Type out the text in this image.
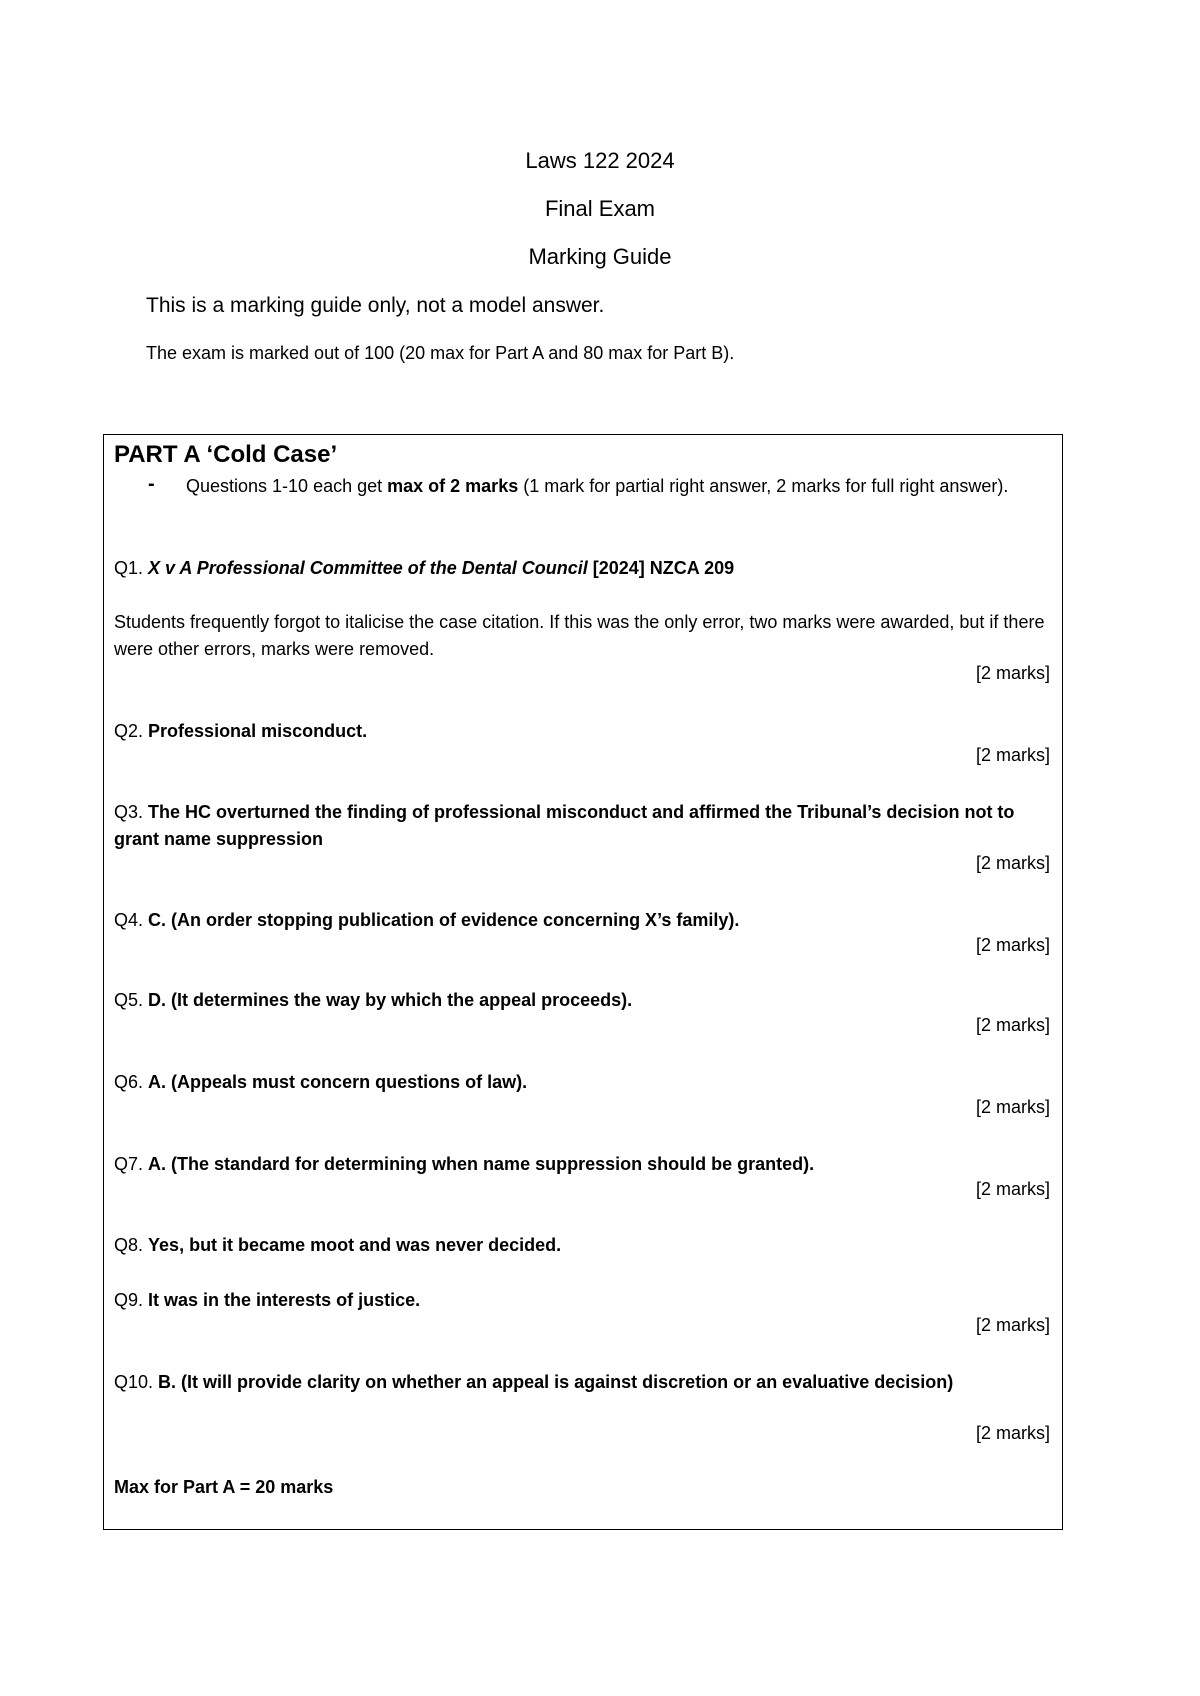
Laws 122 2024
Final Exam
Marking Guide
This is a marking guide only, not a model answer.
The exam is marked out of 100 (20 max for Part A and 80 max for Part B).
PART A ‘Cold Case’
- Questions 1-10 each get max of 2 marks (1 mark for partial right answer, 2 marks for full right answer).
Q1. X v A Professional Committee of the Dental Council [2024] NZCA 209
Students frequently forgot to italicise the case citation. If this was the only error, two marks were awarded, but if there were other errors, marks were removed.
[2 marks]
Q2. Professional misconduct.
[2 marks]
Q3. The HC overturned the finding of professional misconduct and affirmed the Tribunal’s decision not to grant name suppression
[2 marks]
Q4. C. (An order stopping publication of evidence concerning X’s family).
[2 marks]
Q5. D. (It determines the way by which the appeal proceeds).
[2 marks]
Q6. A. (Appeals must concern questions of law).
[2 marks]
Q7. A. (The standard for determining when name suppression should be granted).
[2 marks]
Q8. Yes, but it became moot and was never decided.
Q9. It was in the interests of justice.
[2 marks]
Q10. B. (It will provide clarity on whether an appeal is against discretion or an evaluative decision)
[2 marks]
Max for Part A = 20 marks
